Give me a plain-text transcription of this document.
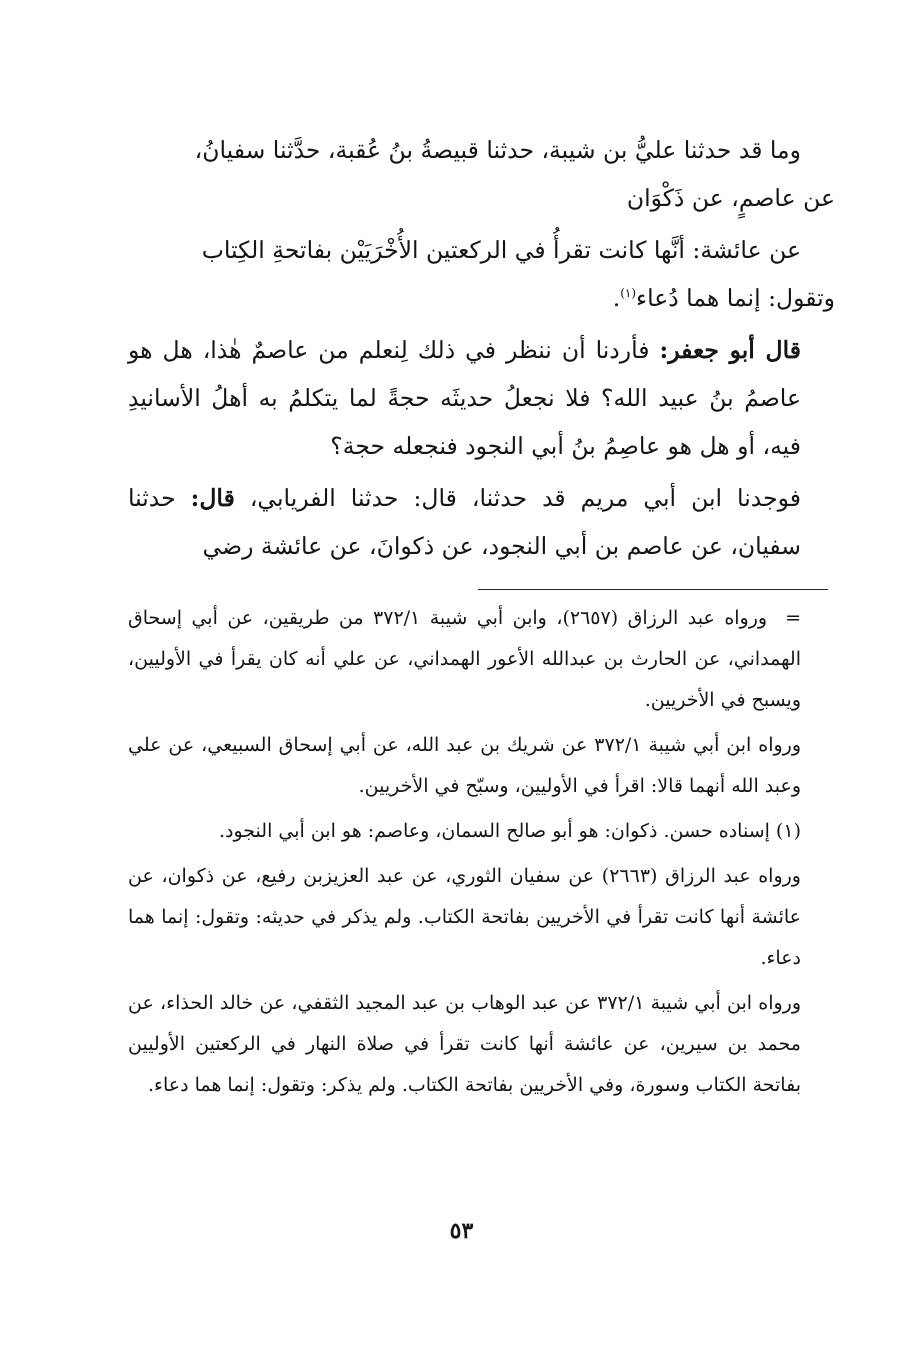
وما قد حدثنا عليُّ بن شيبة، حدثنا قبيصةُ بنُ عُقبة، حدَّثنا سفيانُ،

عن عاصمٍ، عن ذَكْوَان

عن عائشة: أنَّها كانت تقرأُ في الركعتين الأُخْرَيَيْن بفاتحةِ الكِتاب

وتقول: إنما هما دُعاء$^{(١)}$.

قال أبو جعفر: فأردنا أن ننظر في ذلك لِنعلم من عاصمٌ هٰذا، هل هو عاصمُ بنُ عبيد الله؟ فلا نجعلُ حديثَه حجةً لما يتكلمُ به أهلُ الأسانيدِ فيه، أو هل هو عاصِمُ بنُ أبي النجود فنجعله حجة؟

فوجدنا ابن أبي مريم قد حدثنا، قال: حدثنا الفريابي، قال: حدثنا سفيان، عن عاصم بن أبي النجود، عن ذكوانَ، عن عائشة رضي

=ورواه عبد الرزاق (٢٦٥٧)، وابن أبي شيبة ٣٧٢/١ من طريقين، عن أبي إسحاق الهمداني، عن الحارث بن عبدالله الأعور الهمداني، عن علي أنه كان يقرأ في الأوليين، ويسبح في الأخريين.

ورواه ابن أبي شيبة ٣٧٢/١ عن شريك بن عبد الله، عن أبي إسحاق السبيعي، عن علي وعبد الله أنهما قالا: اقرأ في الأوليين، وسبّح في الأخريين.

(١) إسناده حسن. ذكوان: هو أبو صالح السمان، وعاصم: هو ابن أبي النجود.

ورواه عبد الرزاق (٢٦٦٣) عن سفيان الثوري، عن عبد العزيزبن رفيع، عن ذكوان، عن عائشة أنها كانت تقرأ في الأخريين بفاتحة الكتاب. ولم يذكر في حديثه: وتقول: إنما هما دعاء.

ورواه ابن أبي شيبة ٣٧٢/١ عن عبد الوهاب بن عبد المجيد الثقفي، عن خالد الحذاء، عن محمد بن سيرين، عن عائشة أنها كانت تقرأ في صلاة النهار في الركعتين الأوليين بفاتحة الكتاب وسورة، وفي الأخريين بفاتحة الكتاب. ولم يذكر: وتقول: إنما هما دعاء.

٥٣
